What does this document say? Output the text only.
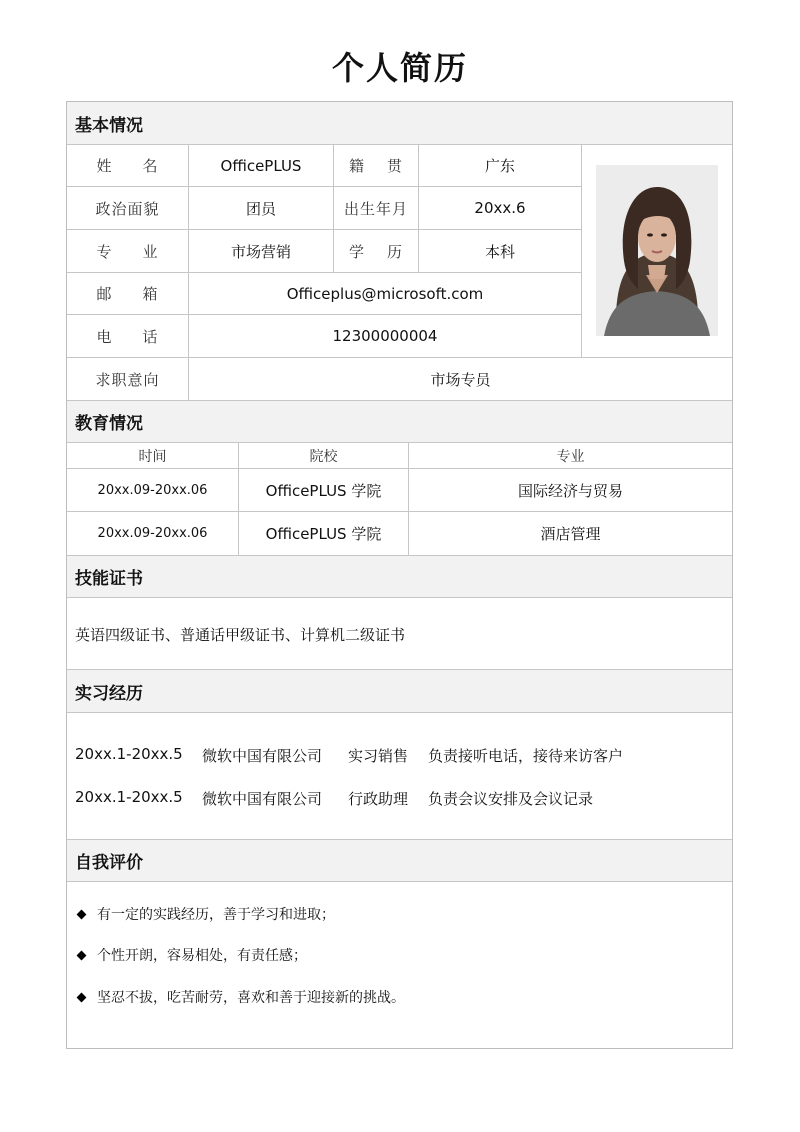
个人简历
基本情况
姓 名	OfficePLUS	籍 贯	广东
政治面貌	团员	出生年月	20xx.6
专 业	市场营销	学 历	本科
邮 箱	Officeplus@microsoft.com
电 话	12300000004
求职意向	市场专员
教育情况
时间	院校	专业
20xx.09-20xx.06	OfficePLUS 学院	国际经济与贸易
20xx.09-20xx.06	OfficePLUS 学院	酒店管理
技能证书
英语四级证书、普通话甲级证书、计算机二级证书
实习经历
20xx.1-20xx.5	微软中国有限公司	实习销售	负责接听电话，接待来访客户
20xx.1-20xx.5	微软中国有限公司	行政助理	负责会议安排及会议记录
自我评价
有一定的实践经历，善于学习和进取；
个性开朗，容易相处，有责任感；
坚忍不拔，吃苦耐劳，喜欢和善于迎接新的挑战。
